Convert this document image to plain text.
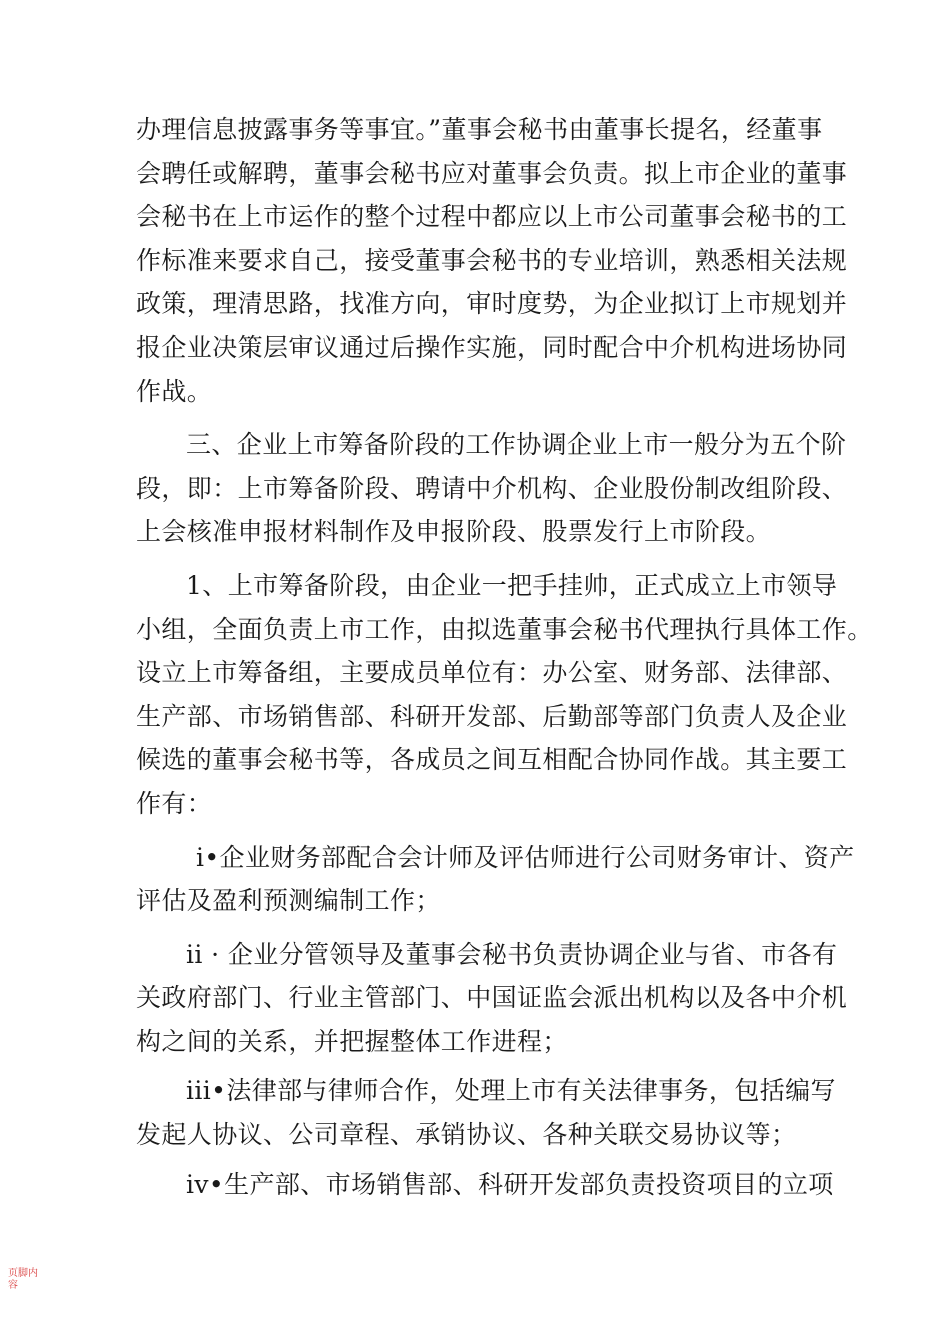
办理信息披露事务等事宜。”董事会秘书由董事长提名，经董事
会聘任或解聘，董事会秘书应对董事会负责。拟上市企业的董事
会秘书在上市运作的整个过程中都应以上市公司董事会秘书的工
作标准来要求自己，接受董事会秘书的专业培训，熟悉相关法规
政策，理清思路，找准方向，审时度势，为企业拟订上市规划并
报企业决策层审议通过后操作实施，同时配合中介机构进场协同
作战。

三、企业上市筹备阶段的工作协调企业上市一般分为五个阶
段，即：上市筹备阶段、聘请中介机构、企业股份制改组阶段、
上会核准申报材料制作及申报阶段、股票发行上市阶段。

1、上市筹备阶段，由企业一把手挂帅，正式成立上市领导
小组，全面负责上市工作，由拟选董事会秘书代理执行具体工作。
设立上市筹备组，主要成员单位有：办公室、财务部、法律部、
生产部、市场销售部、科研开发部、后勤部等部门负责人及企业
候选的董事会秘书等，各成员之间互相配合协同作战。其主要工
作有：

i•企业财务部配合会计师及评估师进行公司财务审计、资产
评估及盈利预测编制工作；

ii · 企业分管领导及董事会秘书负责协调企业与省、市各有
关政府部门、行业主管部门、中国证监会派出机构以及各中介机
构之间的关系，并把握整体工作进程；

iii•法律部与律师合作，处理上市有关法律事务，包括编写
发起人协议、公司章程、承销协议、各种关联交易协议等；

iv•生产部、市场销售部、科研开发部负责投资项目的立项

页脚内容
